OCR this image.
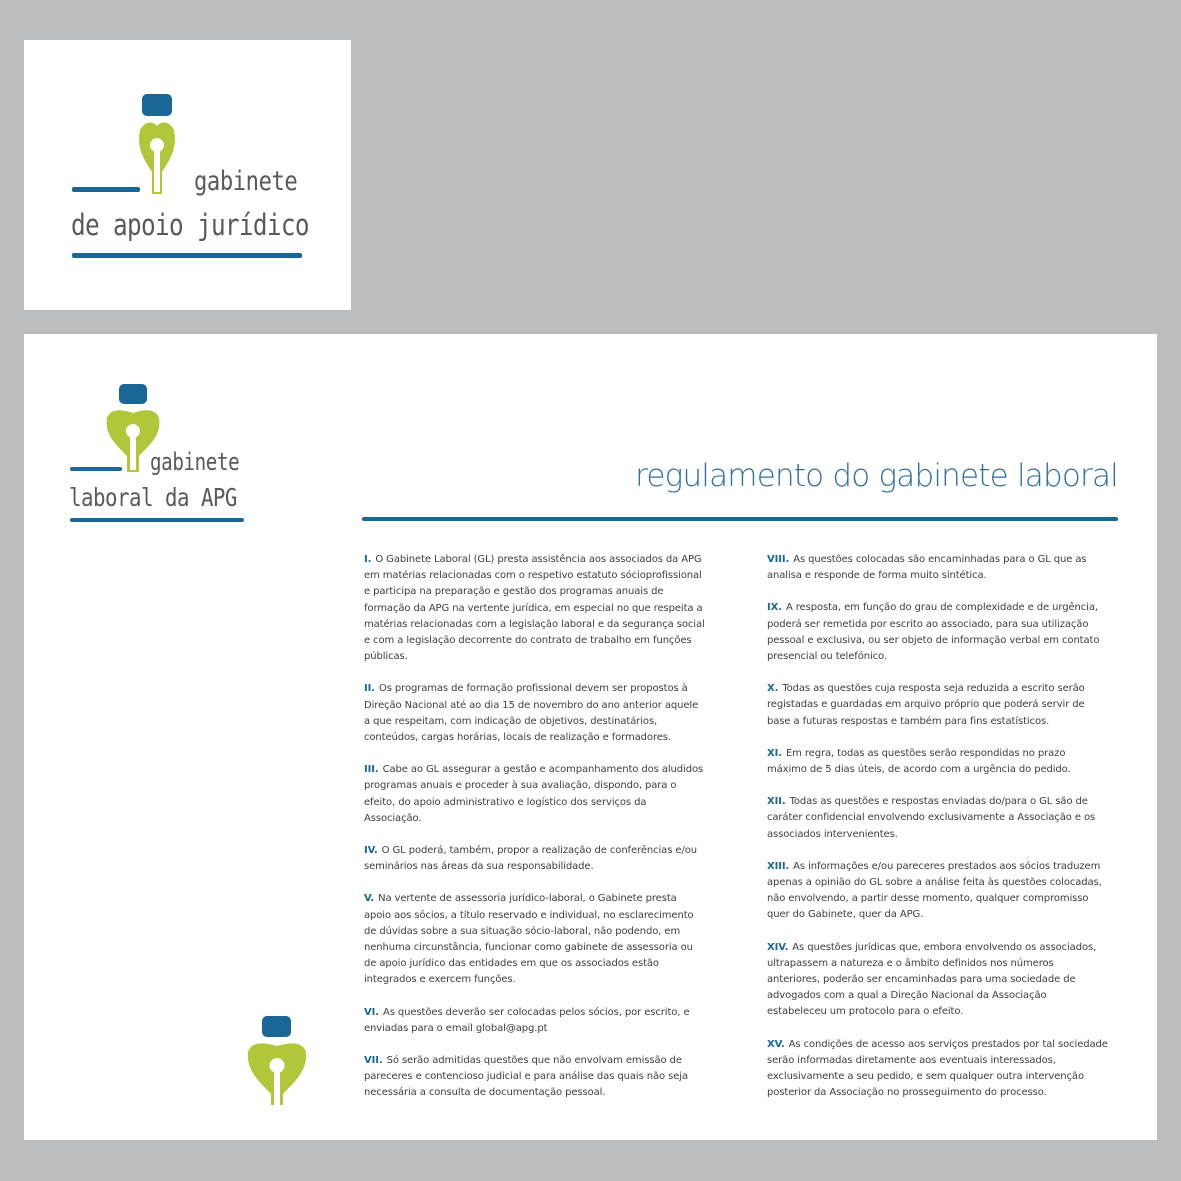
gabinete

de apoio jurídico

gabinete

laboral da APG

regulamento do gabinete laboral

I. O Gabinete Laboral (GL) presta assistência aos associados da APG em matérias relacionadas com o respetivo estatuto sócioprofissional e participa na preparação e gestão dos programas anuais de formação da APG na vertente jurídica, em especial no que respeita a matérias relacionadas com a legislação laboral e da segurança social e com a legislação decorrente do contrato de trabalho em funções públicas.

II. Os programas de formação profissional devem ser propostos à Direção Nacional até ao dia 15 de novembro do ano anterior aquele a que respeitam, com indicação de objetivos, destinatários, conteúdos, cargas horárias, locais de realização e formadores.

III. Cabe ao GL assegurar a gestão e acompanhamento dos aludidos programas anuais e proceder à sua avaliação, dispondo, para o efeito, do apoio administrativo e logístico dos serviços da Associação.

IV. O GL poderá, também, propor a realização de conferências e/ou seminários nas áreas da sua responsabilidade.

V. Na vertente de assessoria jurídico-laboral, o Gabinete presta apoio aos sócios, a título reservado e individual, no esclarecimento de dúvidas sobre a sua situação sócio-laboral, não podendo, em nenhuma circunstância, funcionar como gabinete de assessoria ou de apoio jurídico das entidades em que os associados estão integrados e exercem funções.

VI. As questões deverão ser colocadas pelos sócios, por escrito, e enviadas para o email global@apg.pt

VII. Só serão admitidas questões que não envolvam emissão de pareceres e contencioso judicial e para análise das quais não seja necessária a consulta de documentação pessoal.

VIII. As questões colocadas são encaminhadas para o GL que as analisa e responde de forma muito sintética.

IX. A resposta, em função do grau de complexidade e de urgência, poderá ser remetida por escrito ao associado, para sua utilização pessoal e exclusiva, ou ser objeto de informação verbal em contato presencial ou telefónico.

X. Todas as questões cuja resposta seja reduzida a escrito serão registadas e guardadas em arquivo próprio que poderá servir de base a futuras respostas e também para fins estatísticos.

XI. Em regra, todas as questões serão respondidas no prazo máximo de 5 dias úteis, de acordo com a urgência do pedido.

XII. Todas as questões e respostas enviadas do/para o GL são de caráter confidencial envolvendo exclusivamente a Associação e os associados intervenientes.

XIII. As informações e/ou pareceres prestados aos sócios traduzem apenas a opinião do GL sobre a análise feita às questões colocadas, não envolvendo, a partir desse momento, qualquer compromisso quer do Gabinete, quer da APG.

XIV. As questões jurídicas que, embora envolvendo os associados, ultrapassem a natureza e o âmbito definidos nos números anteriores, poderão ser encaminhadas para uma sociedade de advogados com a qual a Direção Nacional da Associação estabeleceu um protocolo para o efeito.

XV. As condições de acesso aos serviços prestados por tal sociedade serão informadas diretamente aos eventuais interessados, exclusivamente a seu pedido, e sem qualquer outra intervenção posterior da Associação no prosseguimento do processo.
